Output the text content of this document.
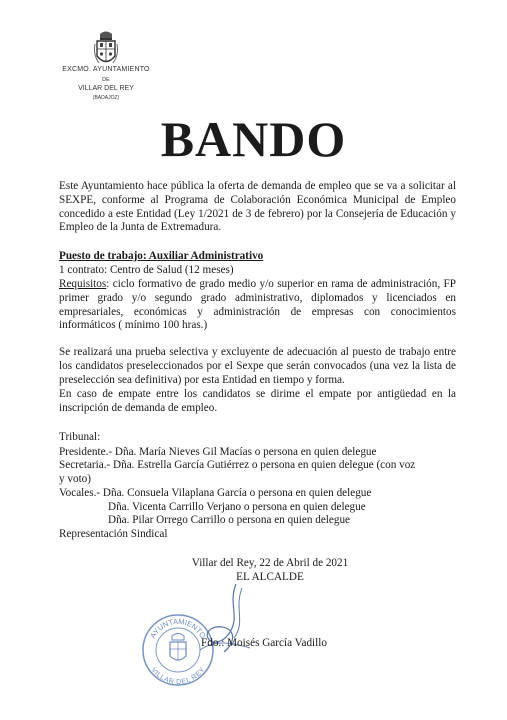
EXCMO. AYUNTAMIENTO
DE
VILLAR DEL REY
(BADAJOZ)
BANDO
Este Ayuntamiento hace pública la oferta de demanda de empleo que se va a solicitar al SEXPE, conforme al Programa de Colaboración Económica Municipal de Empleo concedido a este Entidad (Ley 1/2021 de 3 de febrero) por la Consejería de Educación y Empleo de la Junta de Extremadura.
Puesto de trabajo: Auxiliar Administrativo
1 contrato: Centro de Salud (12 meses)
Requisitos: ciclo formativo de grado medio y/o superior en rama de administración, FP primer grado y/o segundo grado administrativo, diplomados y licenciados en empresariales, económicas y administración de empresas con conocimientos informáticos ( mínimo 100 hras.)
Se realizará una prueba selectiva y excluyente de adecuación al puesto de trabajo entre los candidatos preseleccionados por el Sexpe que serán convocados (una vez la lista de preselección sea definitiva) por esta Entidad en tiempo y forma.
En caso de empate entre los candidatos se dirime el empate por antigüedad en la inscripción de demanda de empleo.
Tribunal:
Presidente.- Dña. María Nieves Gil Macías o persona en quien delegue
Secretaria.- Dña. Estrella García Gutiérrez o persona en quien delegue (con voz
y voto)
Vocales.- Dña. Consuela Vilaplana García o persona en quien delegue
Dña. Vicenta Carrillo Verjano o persona en quien delegue
Dña. Pilar Orrego Carrillo o persona en quien delegue
Representación Sindical
Villar del Rey, 22 de Abril de 2021
EL ALCALDE
AYUNTAMIENTO
VILLAR DEL REY
Fdo.: Moisés García Vadillo
